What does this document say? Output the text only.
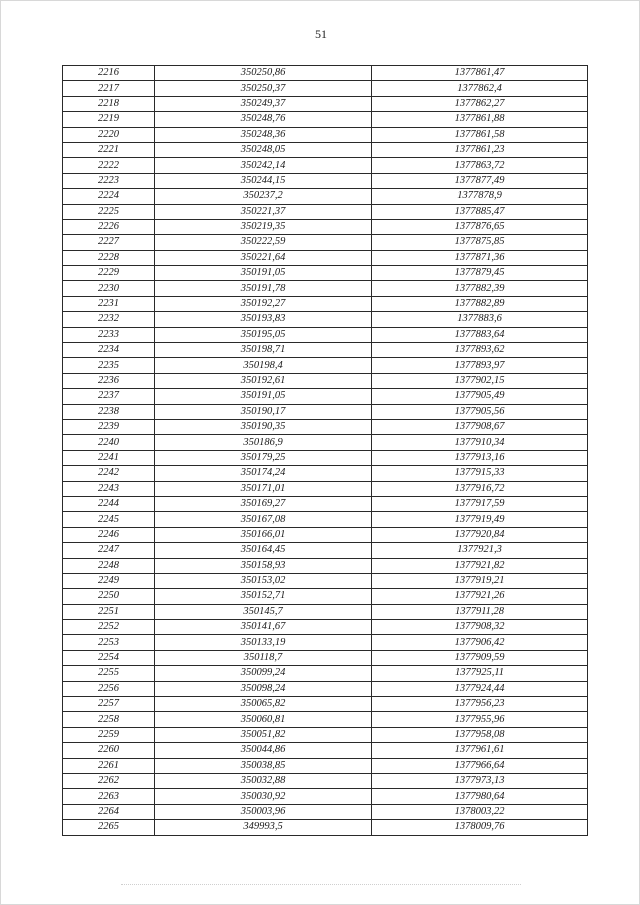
51
2216	350250,86	1377861,47
2217	350250,37	1377862,4
2218	350249,37	1377862,27
2219	350248,76	1377861,88
2220	350248,36	1377861,58
2221	350248,05	1377861,23
2222	350242,14	1377863,72
2223	350244,15	1377877,49
2224	350237,2	1377878,9
2225	350221,37	1377885,47
2226	350219,35	1377876,65
2227	350222,59	1377875,85
2228	350221,64	1377871,36
2229	350191,05	1377879,45
2230	350191,78	1377882,39
2231	350192,27	1377882,89
2232	350193,83	1377883,6
2233	350195,05	1377883,64
2234	350198,71	1377893,62
2235	350198,4	1377893,97
2236	350192,61	1377902,15
2237	350191,05	1377905,49
2238	350190,17	1377905,56
2239	350190,35	1377908,67
2240	350186,9	1377910,34
2241	350179,25	1377913,16
2242	350174,24	1377915,33
2243	350171,01	1377916,72
2244	350169,27	1377917,59
2245	350167,08	1377919,49
2246	350166,01	1377920,84
2247	350164,45	1377921,3
2248	350158,93	1377921,82
2249	350153,02	1377919,21
2250	350152,71	1377921,26
2251	350145,7	1377911,28
2252	350141,67	1377908,32
2253	350133,19	1377906,42
2254	350118,7	1377909,59
2255	350099,24	1377925,11
2256	350098,24	1377924,44
2257	350065,82	1377956,23
2258	350060,81	1377955,96
2259	350051,82	1377958,08
2260	350044,86	1377961,61
2261	350038,85	1377966,64
2262	350032,88	1377973,13
2263	350030,92	1377980,64
2264	350003,96	1378003,22
2265	349993,5	1378009,76
